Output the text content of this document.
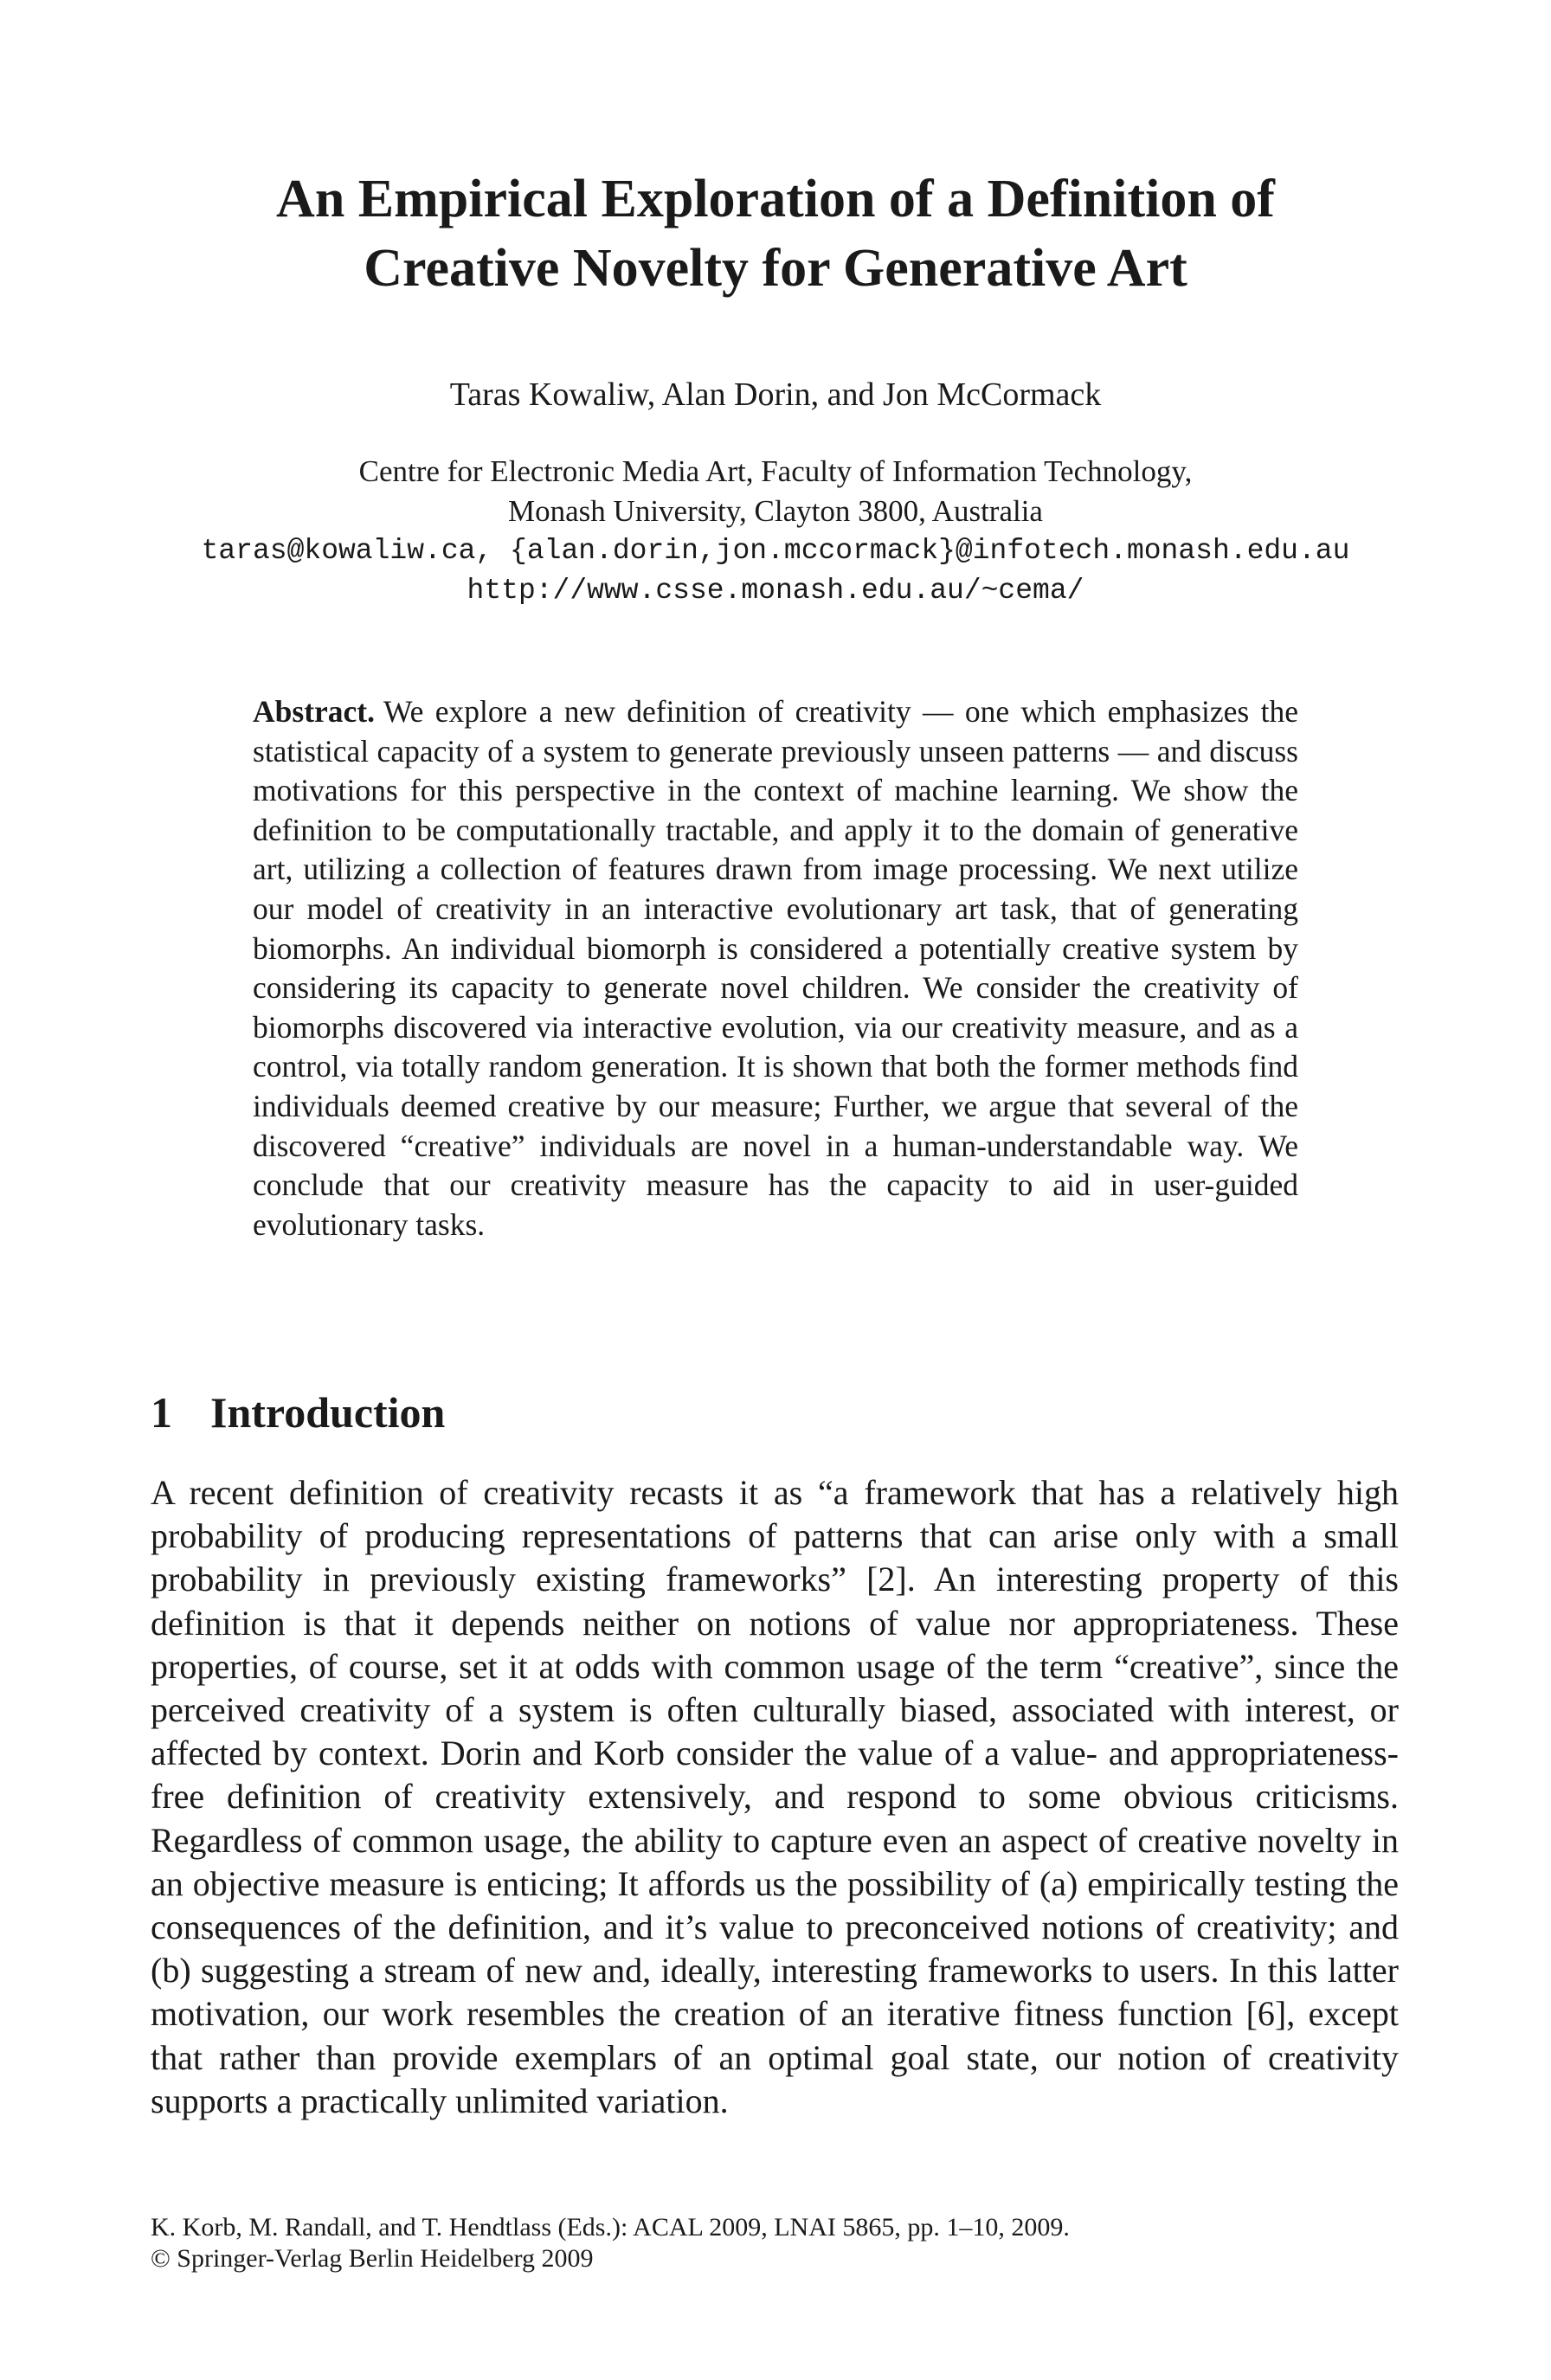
An Empirical Exploration of a Definition of
Creative Novelty for Generative Art
Taras Kowaliw, Alan Dorin, and Jon McCormack
Centre for Electronic Media Art, Faculty of Information Technology,
Monash University, Clayton 3800, Australia
taras@kowaliw.ca, {alan.dorin,jon.mccormack}@infotech.monash.edu.au
http://www.csse.monash.edu.au/~cema/
Abstract. We explore a new definition of creativity — one which emphasizes the statistical capacity of a system to generate previously unseen patterns — and discuss motivations for this perspective in the context of machine learning. We show the definition to be computationally tractable, and apply it to the domain of generative art, utilizing a collection of features drawn from image processing. We next utilize our model of creativity in an interactive evolutionary art task, that of generating biomorphs. An individual biomorph is considered a potentially creative system by considering its capacity to generate novel children. We consider the creativity of biomorphs discovered via interactive evolution, via our creativity measure, and as a control, via totally random generation. It is shown that both the former methods find individuals deemed creative by our measure; Further, we argue that several of the discovered “creative” individuals are novel in a human-understandable way. We conclude that our creativity measure has the capacity to aid in user-guided evolutionary tasks.
1 Introduction

A recent definition of creativity recasts it as “a framework that has a relatively high probability of producing representations of patterns that can arise only with a small probability in previously existing frameworks” [2]. An interesting property of this definition is that it depends neither on notions of value nor appropriateness. These properties, of course, set it at odds with common usage of the term “creative”, since the perceived creativity of a system is often culturally biased, associated with interest, or affected by context. Dorin and Korb consider the value of a value- and appropriateness-free definition of creativity extensively, and respond to some obvious criticisms. Regardless of common usage, the ability to capture even an aspect of creative novelty in an objective measure is enticing; It affords us the possibility of (a) empirically testing the consequences of the definition, and it’s value to preconceived notions of creativity; and (b) suggesting a stream of new and, ideally, interesting frameworks to users. In this latter motivation, our work resembles the creation of an iterative fitness function [6], except that rather than provide exemplars of an optimal goal state, our notion of creativity supports a practically unlimited variation.

K. Korb, M. Randall, and T. Hendtlass (Eds.): ACAL 2009, LNAI 5865, pp. 1–10, 2009.
© Springer-Verlag Berlin Heidelberg 2009
